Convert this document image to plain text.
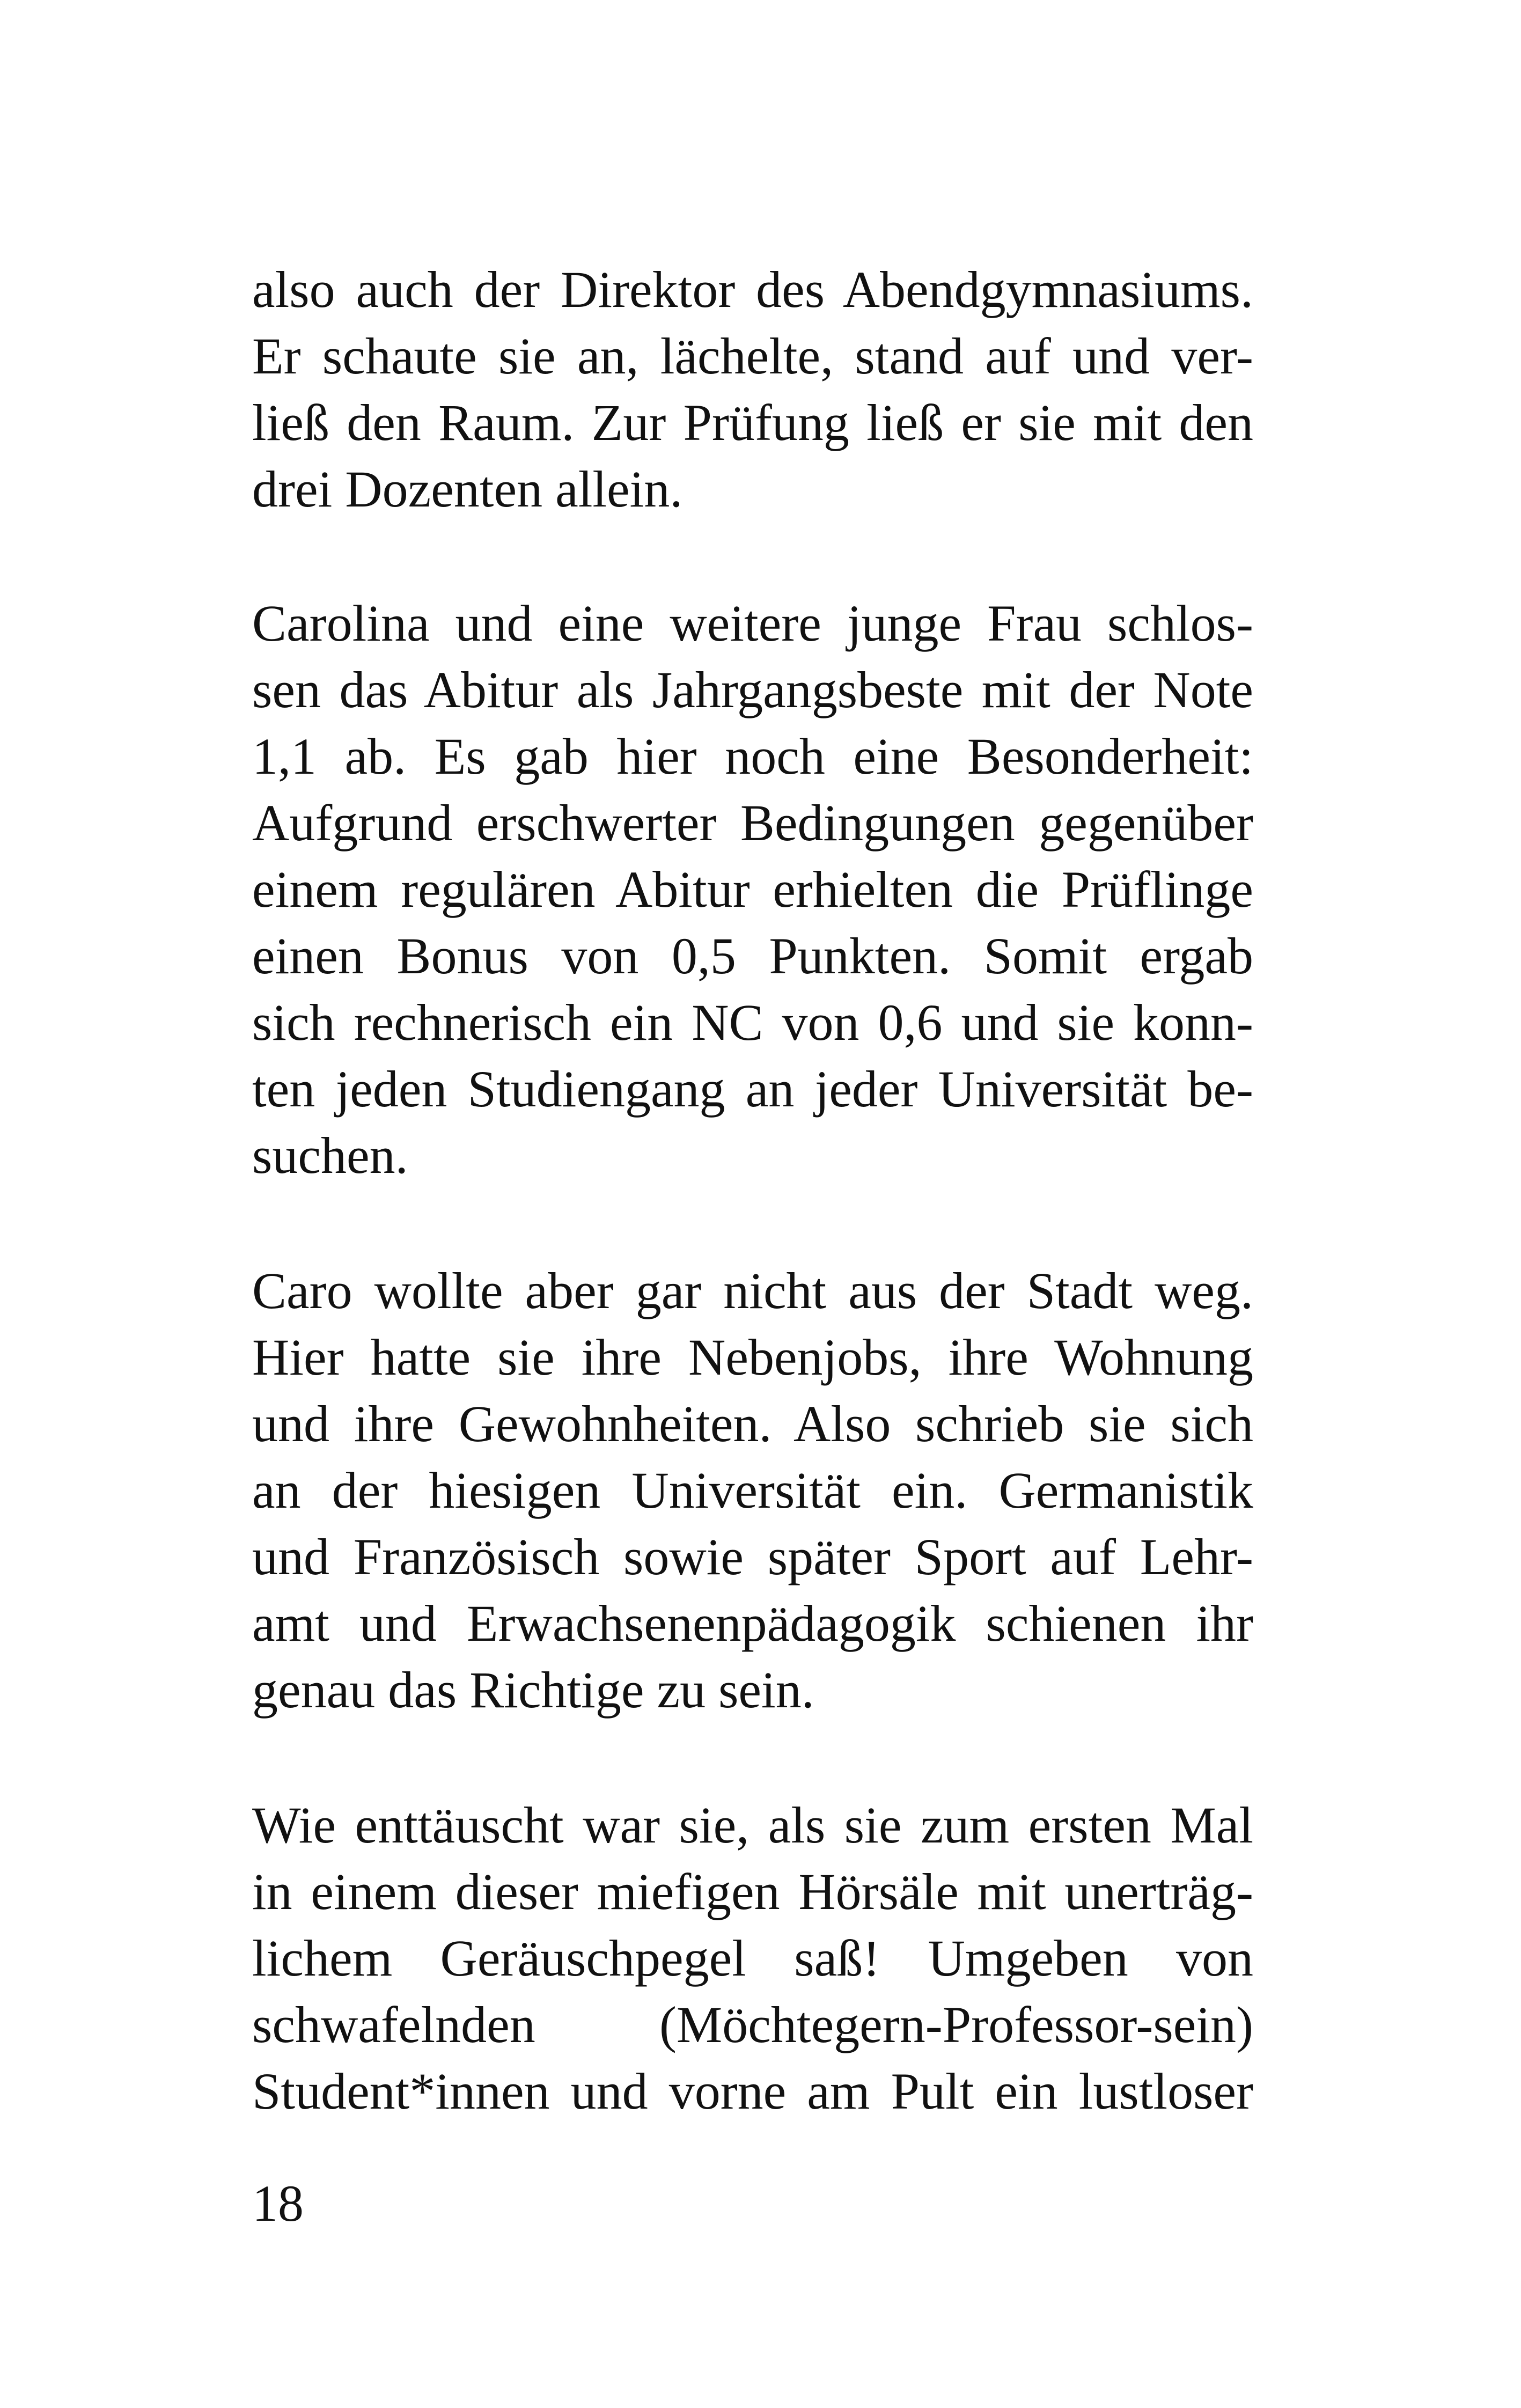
also auch der Direktor des Abendgymnasiums.
Er schaute sie an, lächelte, stand auf und ver-
ließ den Raum. Zur Prüfung ließ er sie mit den
drei Dozenten allein.
Carolina und eine weitere junge Frau schlos-
sen das Abitur als Jahrgangsbeste mit der Note
1,1 ab. Es gab hier noch eine Besonderheit:
Aufgrund erschwerter Bedingungen gegenüber
einem regulären Abitur erhielten die Prüflinge
einen Bonus von 0,5 Punkten. Somit ergab
sich rechnerisch ein NC von 0,6 und sie konn-
ten jeden Studiengang an jeder Universität be-
suchen.
Caro wollte aber gar nicht aus der Stadt weg.
Hier hatte sie ihre Nebenjobs, ihre Wohnung
und ihre Gewohnheiten. Also schrieb sie sich
an der hiesigen Universität ein. Germanistik
und Französisch sowie später Sport auf Lehr-
amt und Erwachsenenpädagogik schienen ihr
genau das Richtige zu sein.
Wie enttäuscht war sie, als sie zum ersten Mal
in einem dieser miefigen Hörsäle mit unerträg-
lichem Geräuschpegel saß! Umgeben von
schwafelnden (Möchtegern-Professor-sein)
Student*innen und vorne am Pult ein lustloser
18
